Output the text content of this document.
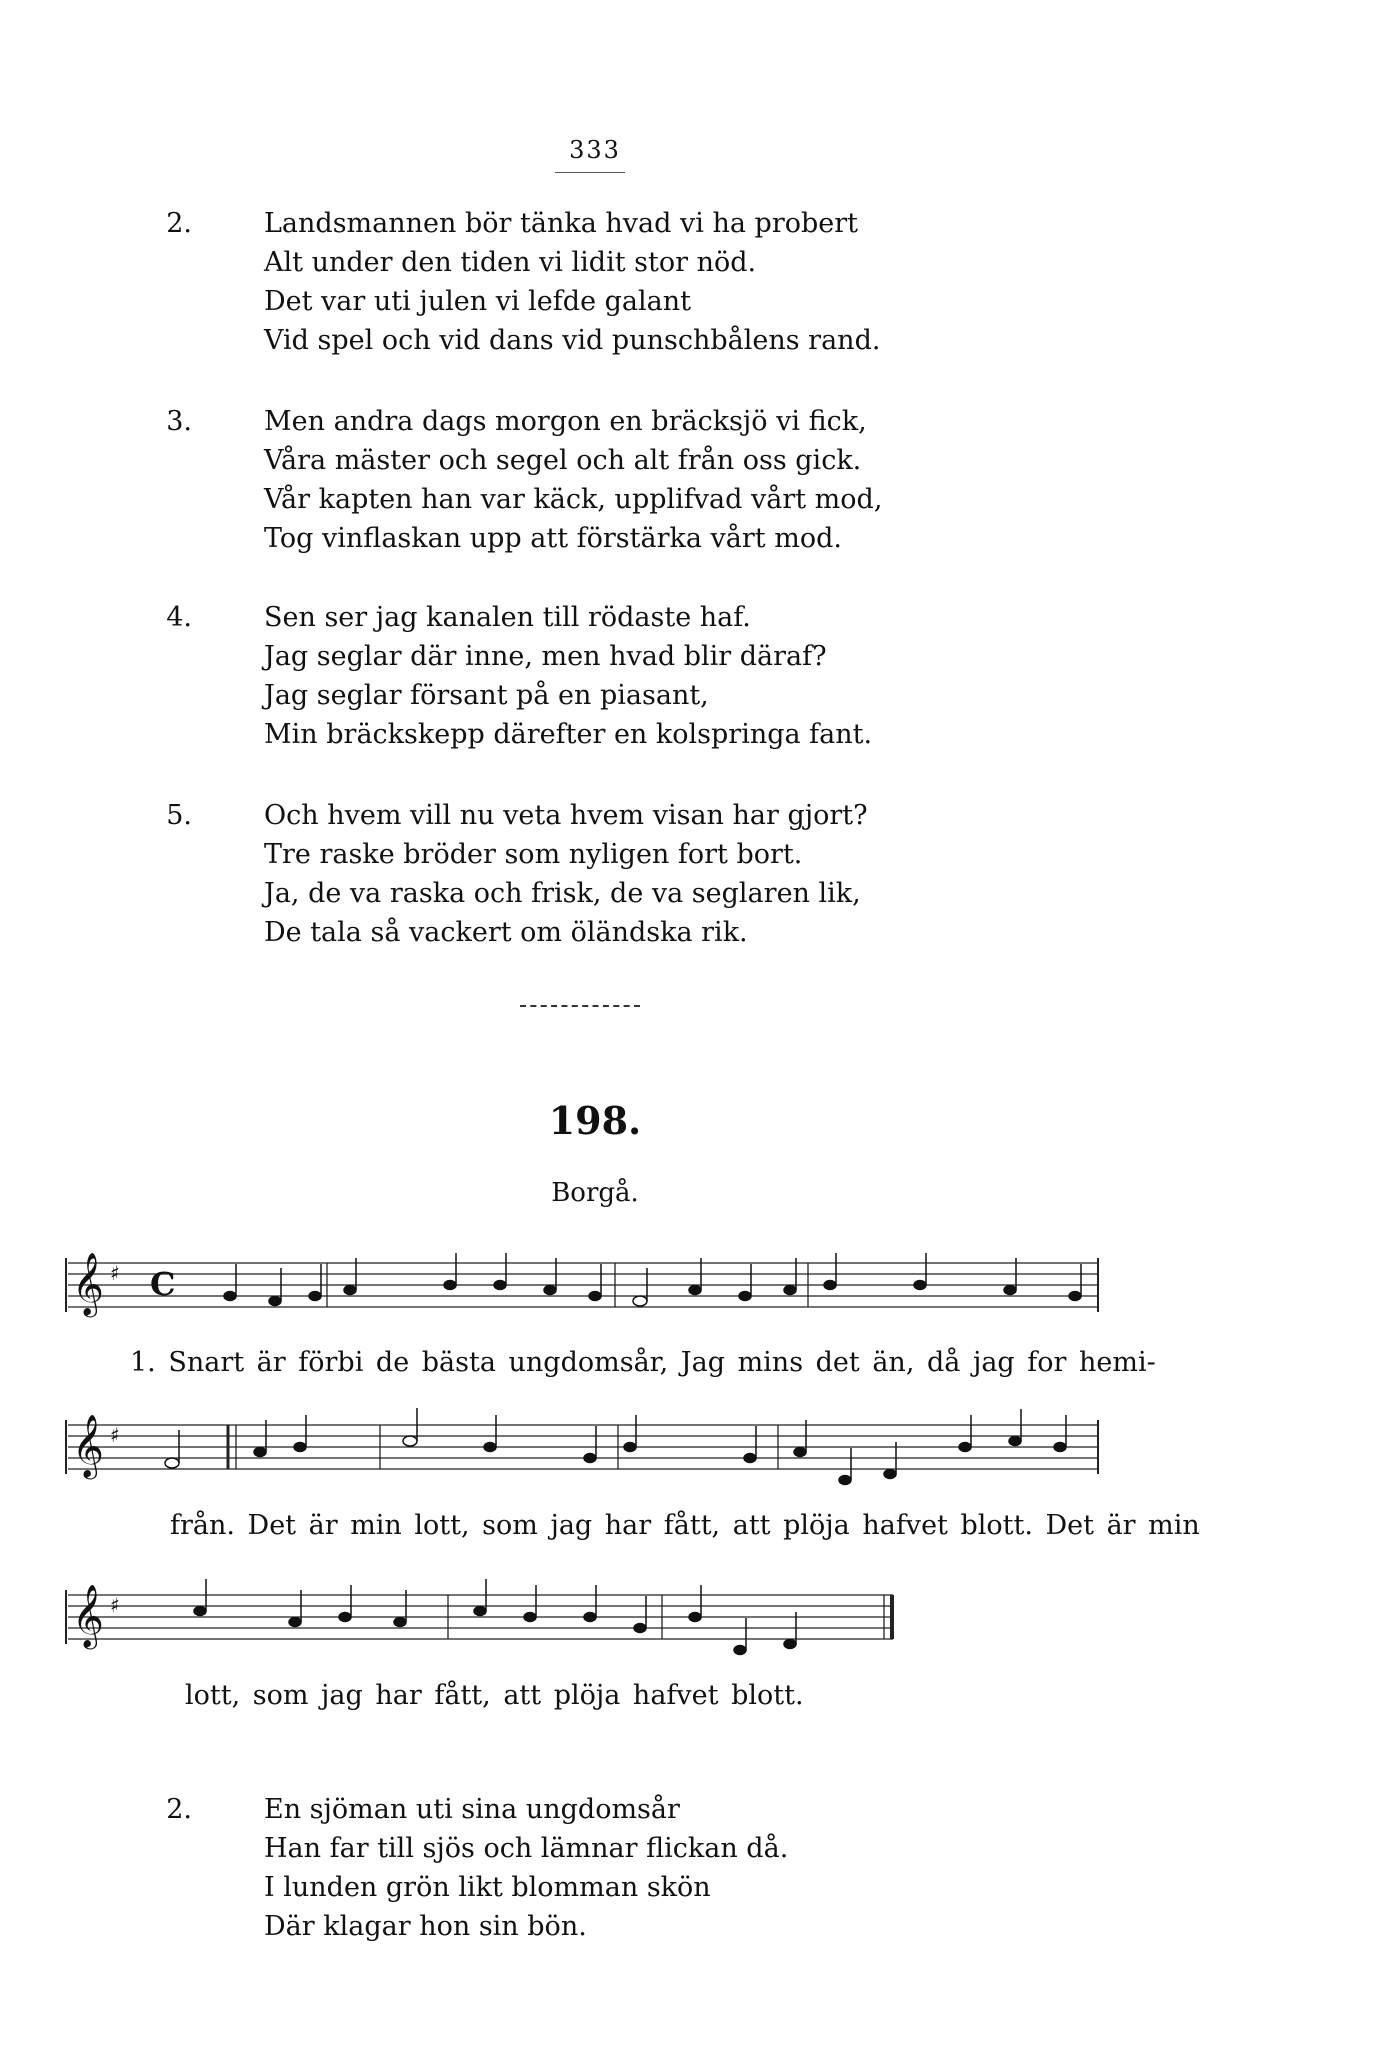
333
2.	Landsmannen bör tänka hvad vi ha probert
Alt under den tiden vi lidit stor nöd.
Det var uti julen vi lefde galant
Vid spel och vid dans vid punschbålens rand.
3.	Men andra dags morgon en bräcksjö vi fick,
Våra mäster och segel och alt från oss gick.
Vår kapten han var käck, upplifvad vårt mod,
Tog vinflaskan upp att förstärka vårt mod.
4.	Sen ser jag kanalen till rödaste haf.
Jag seglar där inne, men hvad blir däraf?
Jag seglar försant på en piasant,
Min bräckskepp därefter en kolspringa fant.
5.	Och hvem vill nu veta hvem visan har gjort?
Tre raske bröder som nyligen fort bort.
Ja, de va raska och frisk, de va seglaren lik,
De tala så vackert om öländska rik.
198.
Borgå.
𝄞
𝄞
𝄞
♯
♯
♯
C
1. Snart är förbi de bästa ungdomsår, Jag mins det än, då jag for hemi-
från. Det är min lott, som jag har fått, att plöja hafvet blott. Det är min
lott, som jag har fått, att plöja hafvet blott.
2.	En sjöman uti sina ungdomsår
Han far till sjös och lämnar flickan då.
I lunden grön likt blomman skön
Där klagar hon sin bön.
